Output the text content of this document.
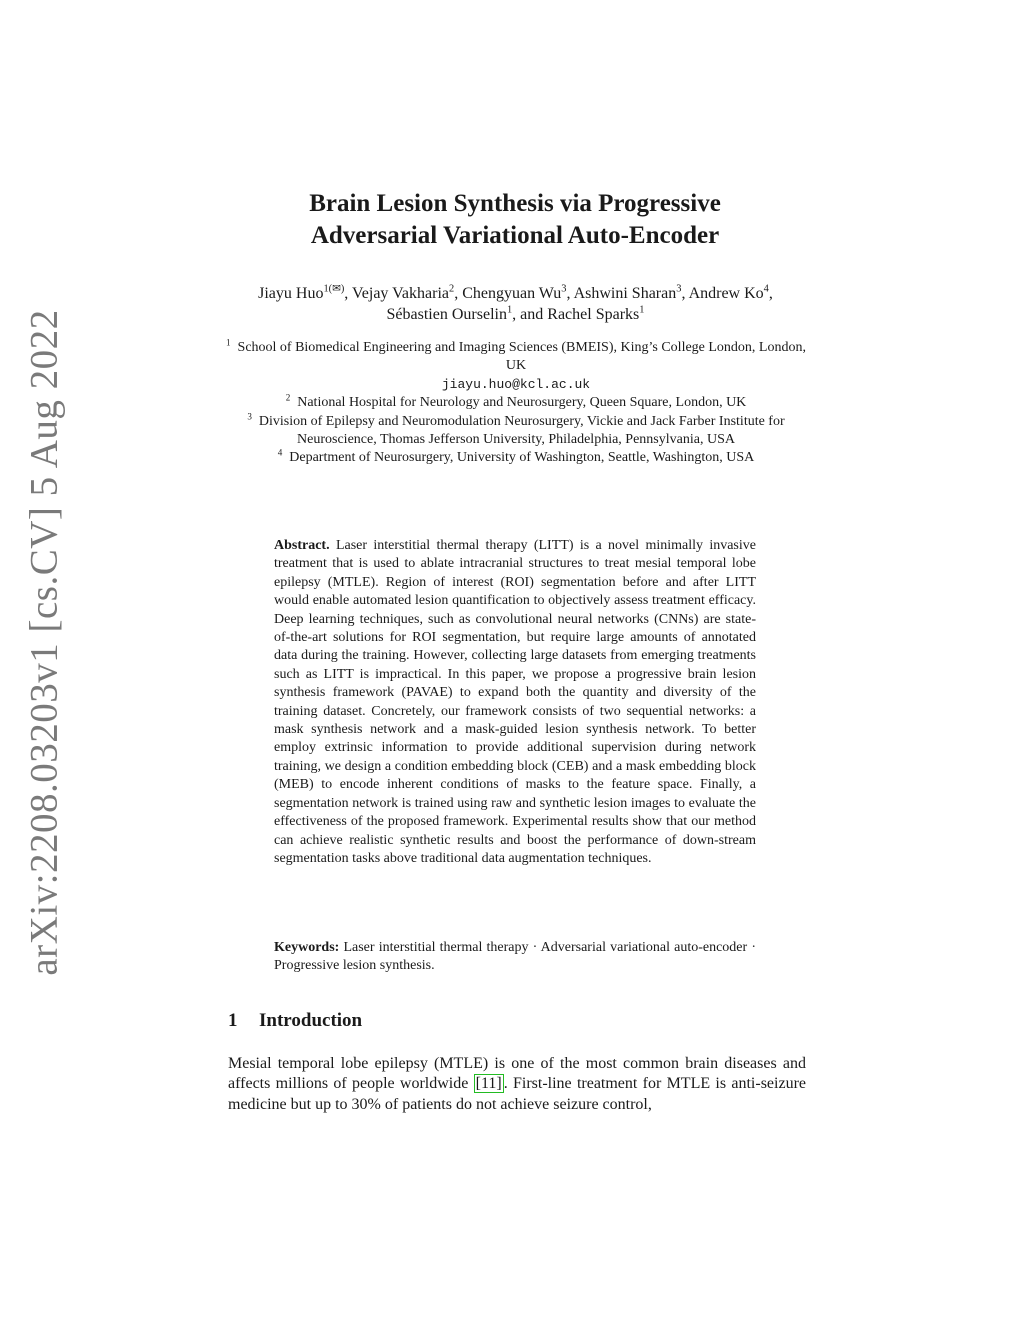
arXiv:2208.03203v1 [cs.CV] 5 Aug 2022
Brain Lesion Synthesis via Progressive
Adversarial Variational Auto-Encoder
Jiayu Huo$^{1(✉)}$, Vejay Vakharia$^2$, Chengyuan Wu$^3$, Ashwini Sharan$^3$, Andrew Ko$^4$, Sébastien Ourselin$^1$, and Rachel Sparks$^1$

$^1$ School of Biomedical Engineering and Imaging Sciences (BMEIS), King’s College London, London, UK
jiayu.huo@kcl.ac.uk

$^2$ National Hospital for Neurology and Neurosurgery, Queen Square, London, UK

$^3$ Division of Epilepsy and Neuromodulation Neurosurgery, Vickie and Jack Farber Institute for Neuroscience, Thomas Jefferson University, Philadelphia, Pennsylvania, USA

$^4$ Department of Neurosurgery, University of Washington, Seattle, Washington, USA

Abstract. Laser interstitial thermal therapy (LITT) is a novel minimally invasive treatment that is used to ablate intracranial structures to treat mesial temporal lobe epilepsy (MTLE). Region of interest (ROI) segmentation before and after LITT would enable automated lesion quantification to objectively assess treatment efficacy. Deep learning techniques, such as convolutional neural networks (CNNs) are state-of-the-art solutions for ROI segmentation, but require large amounts of annotated data during the training. However, collecting large datasets from emerging treatments such as LITT is impractical. In this paper, we propose a progressive brain lesion synthesis framework (PAVAE) to expand both the quantity and diversity of the training dataset. Concretely, our framework consists of two sequential networks: a mask synthesis network and a mask-guided lesion synthesis network. To better employ extrinsic information to provide additional supervision during network training, we design a condition embedding block (CEB) and a mask embedding block (MEB) to encode inherent conditions of masks to the feature space. Finally, a segmentation network is trained using raw and synthetic lesion images to evaluate the effectiveness of the proposed framework. Experimental results show that our method can achieve realistic synthetic results and boost the performance of down-stream segmentation tasks above traditional data augmentation techniques.

Keywords: Laser interstitial thermal therapy · Adversarial variational auto-encoder · Progressive lesion synthesis.

1 Introduction

Mesial temporal lobe epilepsy (MTLE) is one of the most common brain diseases and affects millions of people worldwide [11] . First-line treatment for MTLE is anti-seizure medicine but up to 30% of patients do not achieve seizure control,
